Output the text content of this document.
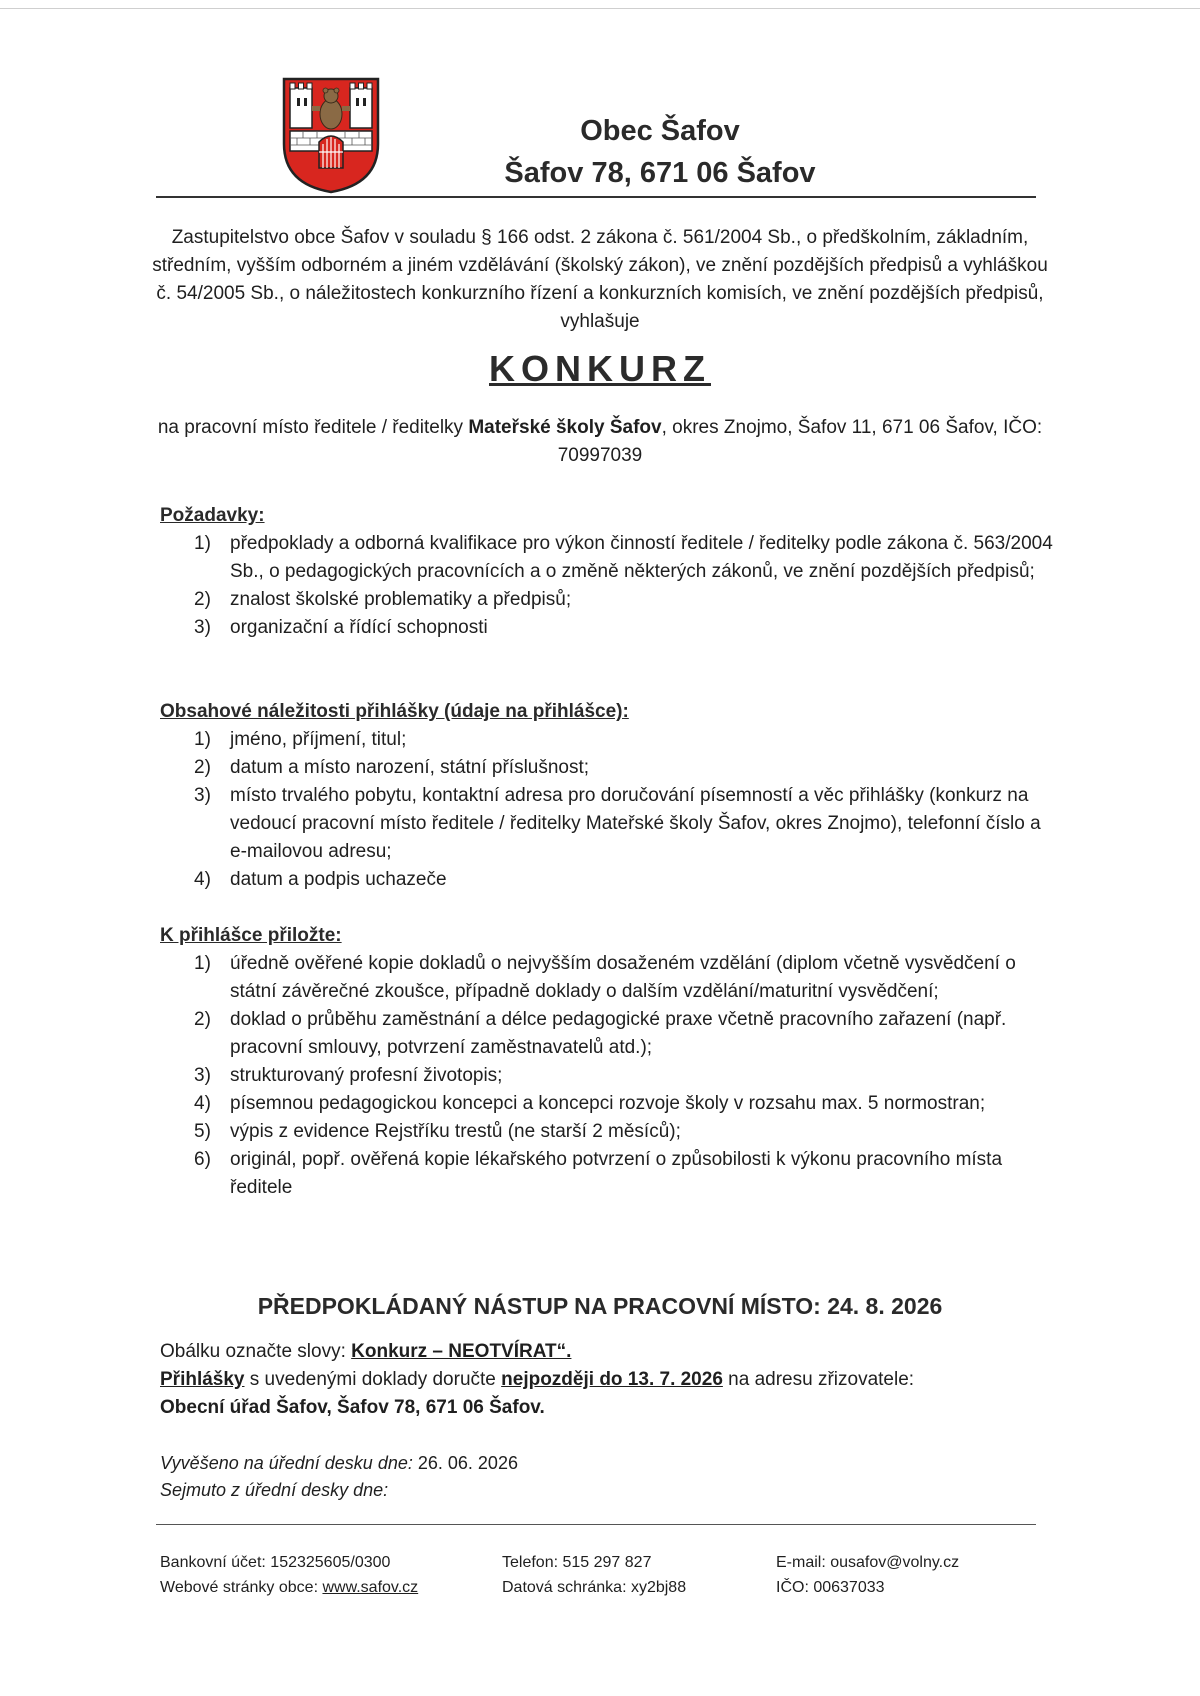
Obec Šafov
Šafov 78, 671 06 Šafov
Zastupitelstvo obce Šafov v souladu § 166 odst. 2 zákona č. 561/2004 Sb., o předškolním, základním, středním, vyšším odborném a jiném vzdělávání (školský zákon), ve znění pozdějších předpisů a vyhláškou č. 54/2005 Sb., o náležitostech konkurzního řízení a konkurzních komisích, ve znění pozdějších předpisů, vyhlašuje
KONKURZ
na pracovní místo ředitele / ředitelky Mateřské školy Šafov, okres Znojmo, Šafov 11, 671 06 Šafov, IČO: 70997039
Požadavky:
1) předpoklady a odborná kvalifikace pro výkon činností ředitele / ředitelky podle zákona č. 563/2004 Sb., o pedagogických pracovnících a o změně některých zákonů, ve znění pozdějších předpisů;
2) znalost školské problematiky a předpisů;
3) organizační a řídící schopnosti
Obsahové náležitosti přihlášky (údaje na přihlášce):
1) jméno, příjmení, titul;
2) datum a místo narození, státní příslušnost;
3) místo trvalého pobytu, kontaktní adresa pro doručování písemností a věc přihlášky (konkurz na vedoucí pracovní místo ředitele / ředitelky Mateřské školy Šafov, okres Znojmo), telefonní číslo a e-mailovou adresu;
4) datum a podpis uchazeče
K přihlášce přiložte:
1) úředně ověřené kopie dokladů o nejvyšším dosaženém vzdělání (diplom včetně vysvědčení o státní závěrečné zkoušce, případně doklady o dalším vzdělání/maturitní vysvědčení;
2) doklad o průběhu zaměstnání a délce pedagogické praxe včetně pracovního zařazení (např. pracovní smlouvy, potvrzení zaměstnavatelů atd.);
3) strukturovaný profesní životopis;
4) písemnou pedagogickou koncepci a koncepci rozvoje školy v rozsahu max. 5 normostran;
5) výpis z evidence Rejstříku trestů (ne starší 2 měsíců);
6) originál, popř. ověřená kopie lékařského potvrzení o způsobilosti k výkonu pracovního místa ředitele
PŘEDPOKLÁDANÝ NÁSTUP NA PRACOVNÍ MÍSTO: 24. 8. 2026
Obálku označte slovy: Konkurz – NEOTVÍRAT“.
Přihlášky s uvedenými doklady doručte nejpozději do 13. 7. 2026 na adresu zřizovatele:
Obecní úřad Šafov, Šafov 78, 671 06 Šafov.
Vyvěšeno na úřední desku dne: 26. 06. 2026
Sejmuto z úřední desky dne:
Bankovní účet: 152325605/0300
Webové stránky obce: www.safov.cz
Telefon: 515 297 827
Datová schránka: xy2bj88
E-mail: ousafov@volny.cz
IČO: 00637033
